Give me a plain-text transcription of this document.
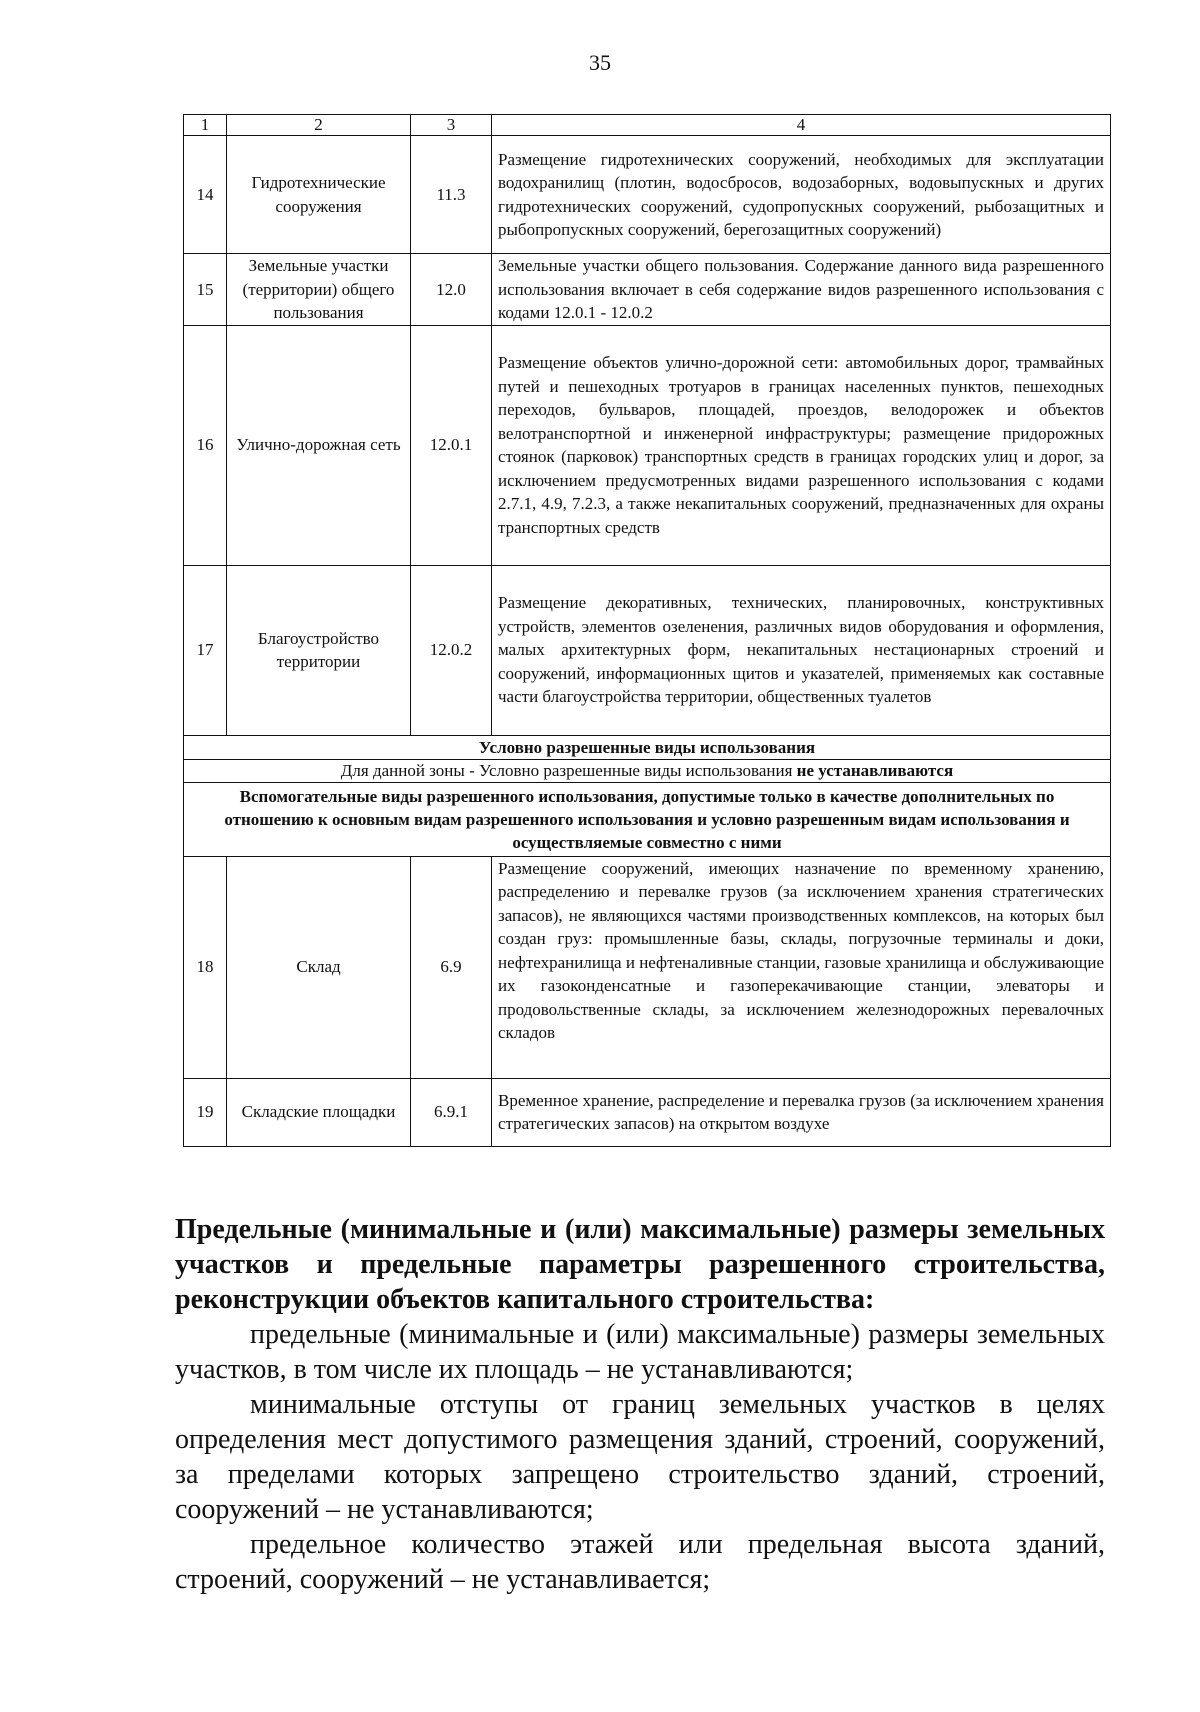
35
1	2	3	4
14	Гидротехнические сооружения	11.3	Размещение гидротехнических сооружений, необходимых для эксплуатации водохранилищ (плотин, водосбросов, водозаборных, водовыпускных и других гидротехнических сооружений, судопропускных сооружений, рыбозащитных и рыбопропускных сооружений, берегозащитных сооружений)
15	Земельные участки (территории) общего пользования	12.0	Земельные участки общего пользования. Содержание данного вида разрешенного использования включает в себя содержание видов разрешенного использования с кодами 12.0.1 - 12.0.2
16	Улично-дорожная сеть	12.0.1	Размещение объектов улично-дорожной сети: автомобильных дорог, трамвайных путей и пешеходных тротуаров в границах населенных пунктов, пешеходных переходов, бульваров, площадей, проездов, велодорожек и объектов велотранспортной и инженерной инфраструктуры; размещение придорожных стоянок (парковок) транспортных средств в границах городских улиц и дорог, за исключением предусмотренных видами разрешенного использования с кодами 2.7.1, 4.9, 7.2.3, а также некапитальных сооружений, предназначенных для охраны транспортных средств
17	Благоустройство территории	12.0.2	Размещение декоративных, технических, планировочных, конструктивных устройств, элементов озеленения, различных видов оборудования и оформления, малых архитектурных форм, некапитальных нестационарных строений и сооружений, информационных щитов и указателей, применяемых как составные части благоустройства территории, общественных туалетов
Условно разрешенные виды использования			
Для данной зоны - Условно разрешенные виды использования не устанавливаются			
Вспомогательные виды разрешенного использования, допустимые только в качестве дополнительных по отношению к основным видам разрешенного использования и условно разрешенным видам использования и осуществляемые совместно с ними			
18	Склад	6.9	Размещение сооружений, имеющих назначение по временному хранению, распределению и перевалке грузов (за исключением хранения стратегических запасов), не являющихся частями производственных комплексов, на которых был создан груз: промышленные базы, склады, погрузочные терминалы и доки, нефтехранилища и нефтеналивные станции, газовые хранилища и обслуживающие их газоконденсатные и газоперекачивающие станции, элеваторы и продовольственные склады, за исключением железнодорожных перевалочных складов
19	Складские площадки	6.9.1	Временное хранение, распределение и перевалка грузов (за исключением хранения стратегических запасов) на открытом воздухе

Предельные (минимальные и (или) максимальные) размеры земельных участков и предельные параметры разрешенного строительства, реконструкции объектов капитального строительства:

предельные (минимальные и (или) максимальные) размеры земельных участков, в том числе их площадь – не устанавливаются;

минимальные отступы от границ земельных участков в целях определения мест допустимого размещения зданий, строений, сооружений, за пределами которых запрещено строительство зданий, строений, сооружений – не устанавливаются;

предельное количество этажей или предельная высота зданий, строений, сооружений – не устанавливается;
